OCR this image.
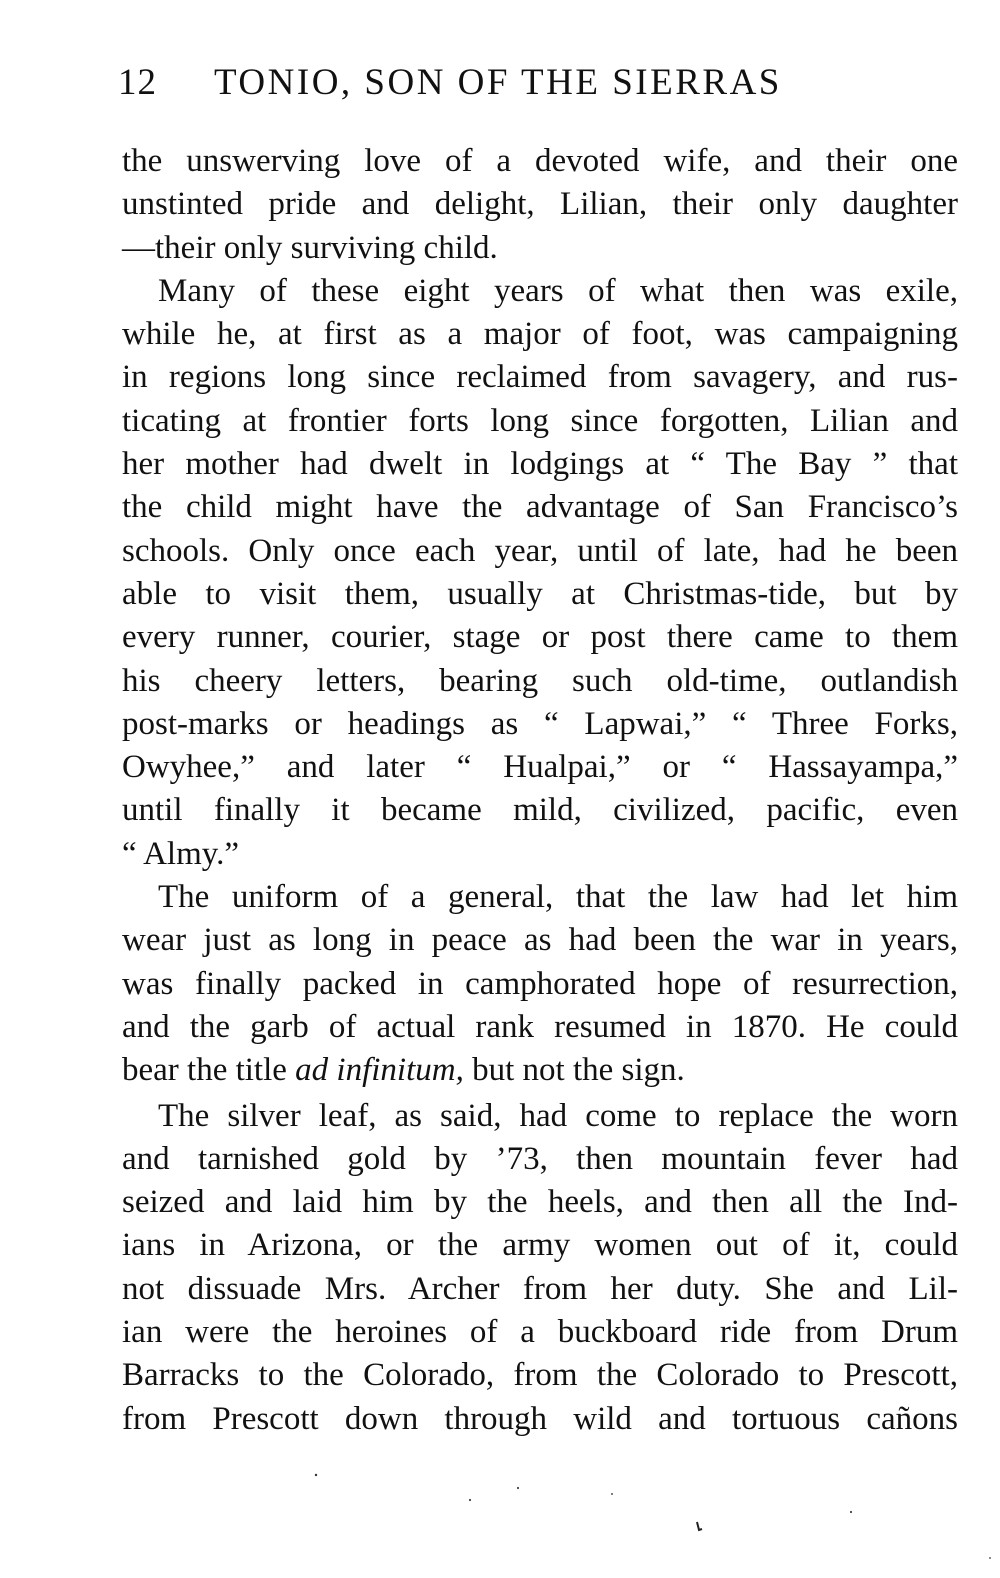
12 TONIO, SON OF THE SIERRAS
the unswerving love of a devoted wife, and their one
unstinted pride and delight, Lilian, their only daughter
—their only surviving child.
Many of these eight years of what then was exile,
while he, at first as a major of foot, was campaigning
in regions long since reclaimed from savagery, and rus-
ticating at frontier forts long since forgotten, Lilian and
her mother had dwelt in lodgings at “ The Bay ” that
the child might have the advantage of San Francisco’s
schools. Only once each year, until of late, had he been
able to visit them, usually at Christmas-tide, but by
every runner, courier, stage or post there came to them
his cheery letters, bearing such old-time, outlandish
post-marks or headings as “ Lapwai,” “ Three Forks,
Owyhee,” and later “ Hualpai,” or “ Hassayampa,”
until finally it became mild, civilized, pacific, even
“ Almy.”
The uniform of a general, that the law had let him
wear just as long in peace as had been the war in years,
was finally packed in camphorated hope of resurrection,
and the garb of actual rank resumed in 1870. He could
bear the title ad infinitum, but not the sign.
The silver leaf, as said, had come to replace the worn
and tarnished gold by ’73, then mountain fever had
seized and laid him by the heels, and then all the Ind-
ians in Arizona, or the army women out of it, could
not dissuade Mrs. Archer from her duty. She and Lil-
ian were the heroines of a buckboard ride from Drum
Barracks to the Colorado, from the Colorado to Prescott,
from Prescott down through wild and tortuous cañons
